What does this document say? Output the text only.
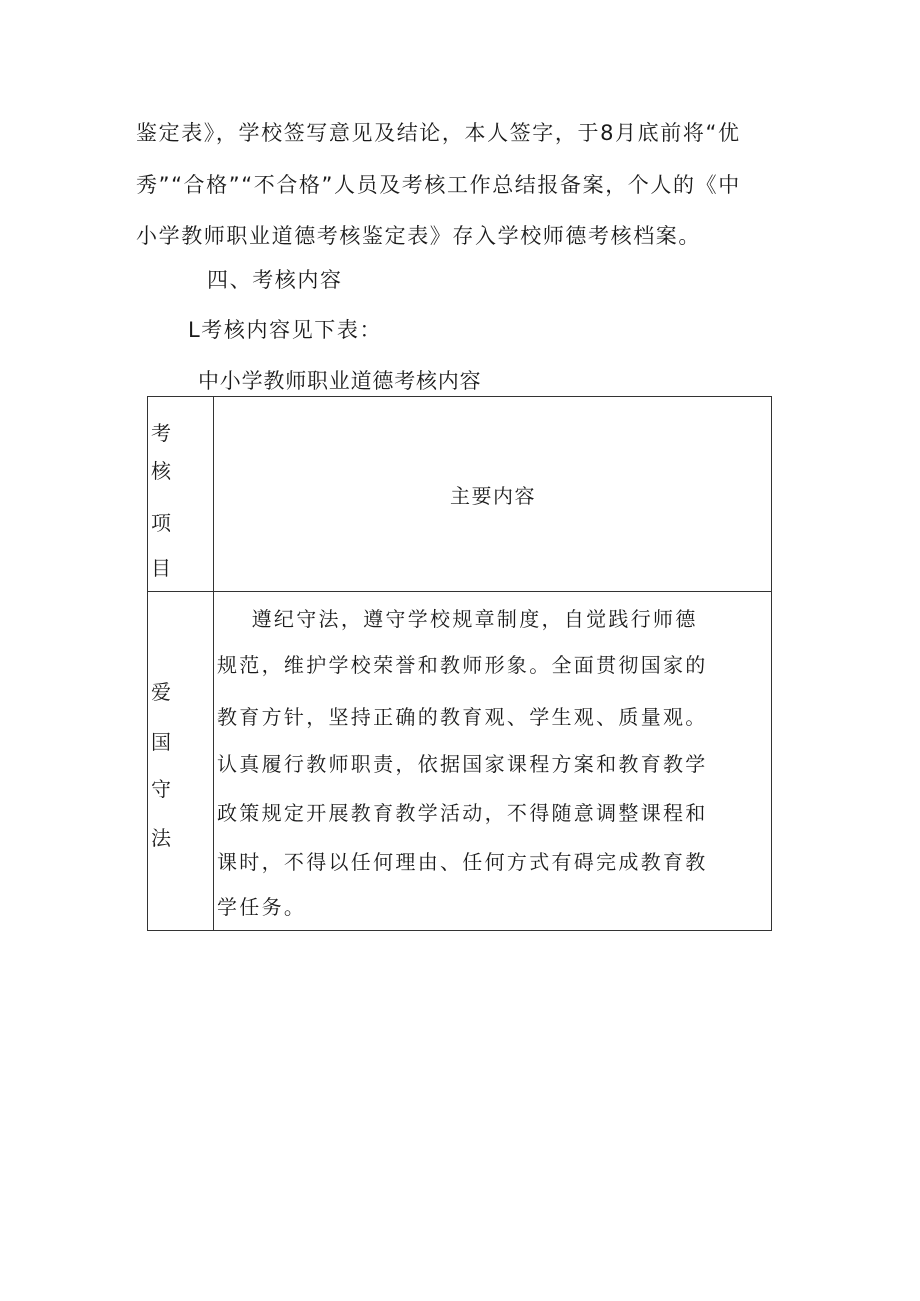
鉴定表》，学校签写意见及结论，本人签字，于8月底前将“优
秀”“合格”“不合格”人员及考核工作总结报备案，个人的《中
小学教师职业道德考核鉴定表》存入学校师德考核档案。
四、考核内容
L考核内容见下表：
中小学教师职业道德考核内容
考
核
项
目
主要内容
爱
国
守
法
遵纪守法，遵守学校规章制度，自觉践行师德
规范，维护学校荣誉和教师形象。全面贯彻国家的
教育方针，坚持正确的教育观、学生观、质量观。
认真履行教师职责，依据国家课程方案和教育教学
政策规定开展教育教学活动，不得随意调整课程和
课时，不得以任何理由、任何方式有碍完成教育教
学任务。
